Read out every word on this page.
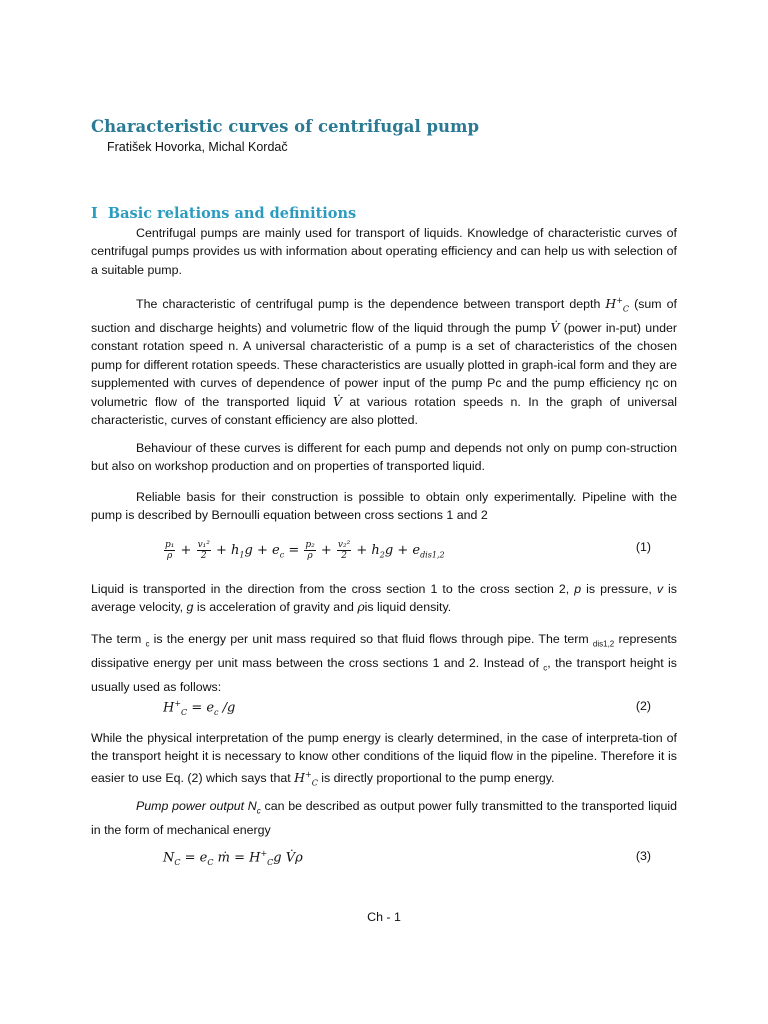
Characteristic curves of centrifugal pump
Fratišek Hovorka, Michal Kordač
I Basic relations and definitions
Centrifugal pumps are mainly used for transport of liquids. Knowledge of characteristic curves of centrifugal pumps provides us with information about operating efficiency and can help us with selection of a suitable pump.
The characteristic of centrifugal pump is the dependence between transport depth $H^+_C$ (sum of suction and discharge heights) and volumetric flow of the liquid through the pump V̇ (power in-put) under constant rotation speed n. A universal characteristic of a pump is a set of characteristics of the chosen pump for different rotation speeds. These characteristics are usually plotted in graph-ical form and they are supplemented with curves of dependence of power input of the pump Pc and the pump efficiency ηc on volumetric flow of the transported liquid V̇ at various rotation speeds n. In the graph of universal characteristic, curves of constant efficiency are also plotted.
Behaviour of these curves is different for each pump and depends not only on pump con-struction but also on workshop production and on properties of transported liquid.
Reliable basis for their construction is possible to obtain only experimentally. Pipeline with the pump is described by Bernoulli equation between cross sections 1 and 2
$\frac{\text{p₁}}{\rho} + \frac{\text{v₁²}}{2} + h_1g + e_c = \frac{\text{p₂}}{\rho} + \frac{\text{v₂²}}{2} + h_2g + e_{dis1,2}$
(1)
Liquid is transported in the direction from the cross section 1 to the cross section 2, p is pressure, v is average velocity, g is acceleration of gravity and ρis liquid density.
The term $_c$ is the energy per unit mass required so that fluid flows through pipe. The term $_{dis1,2}$ represents dissipative energy per unit mass between the cross sections 1 and 2. Instead of $_c$, the transport height is usually used as follows:
$H^+_C = e_c$ /g	(2)
While the physical interpretation of the pump energy is clearly determined, in the case of interpreta-tion of the transport height it is necessary to know other conditions of the liquid flow in the pipeline. Therefore it is easier to use Eq. (2) which says that $H^+_C$ is directly proportional to the pump energy.
Pump power output $N_c$ can be described as output power fully transmitted to the transported liquid in the form of mechanical energy
$N_C = e_C$ ṁ = $H^+_Cg$ V̇ρ	(3)
Ch - 1
